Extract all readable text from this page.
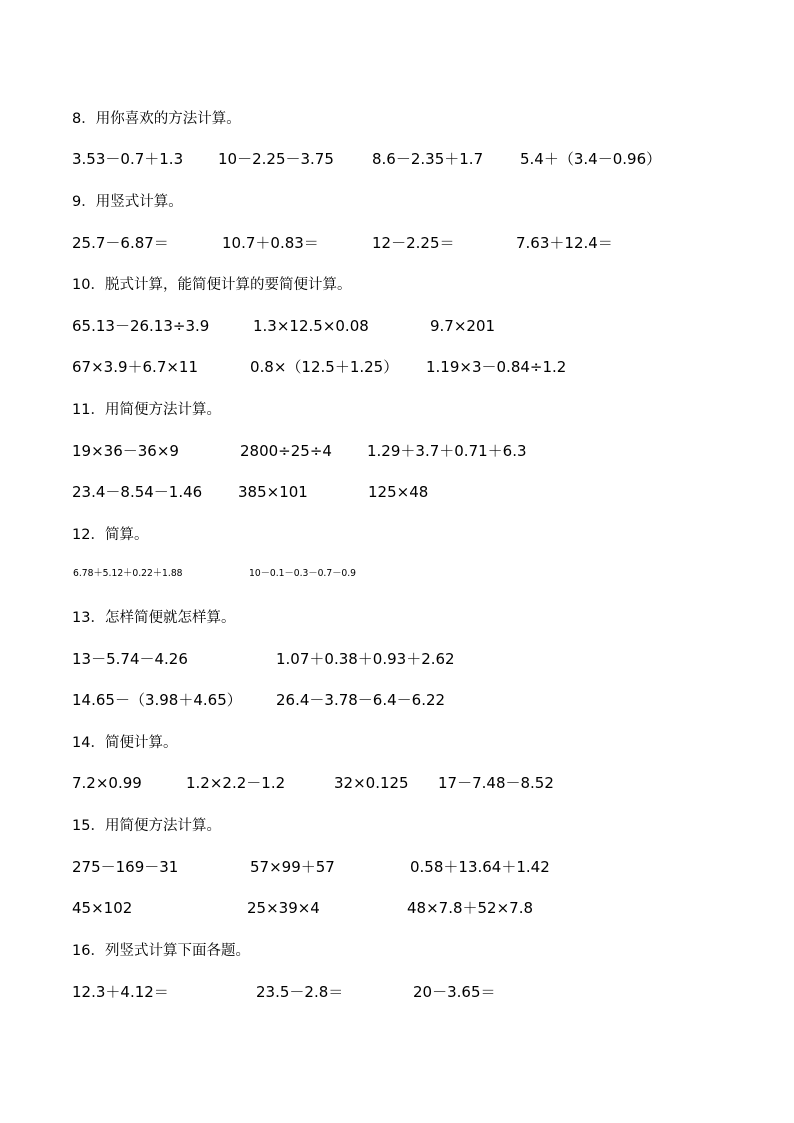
8．用你喜欢的方法计算。
3.53－0.7＋1.3 10－2.25－3.75	8.6－2.35＋1.7 5.4＋（3.4－0.96）
9．用竖式计算。
25.7－6.87＝	10.7＋0.83＝	12－2.25＝	7.63＋12.4＝
10．脱式计算，能简便计算的要简便计算。
65.13－26.13÷3.9	1.3×12.5×0.08	9.7×201
67×3.9＋6.7×11	0.8×（12.5＋1.25） 1.19×3－0.84÷1.2
11．用简便方法计算。
19×36－36×9	2800÷25÷4 1.29＋3.7＋0.71＋6.3
23.4－8.54－1.46 385×101	125×48
12．简算。
6.78＋5.12＋0.22＋1.88	10－0.1－0.3－0.7－0.9
13．怎样简便就怎样算。
13－5.74－4.26	1.07＋0.38＋0.93＋2.62
14.65－（3.98＋4.65） 26.4－3.78－6.4－6.22
14．简便计算。
7.2×0.99	1.2×2.2－1.2	32×0.125 17－7.48－8.52
15．用简便方法计算。
275－169－31	57×99＋57	0.58＋13.64＋1.42
45×102	25×39×4	48×7.8＋52×7.8
16．列竖式计算下面各题。
12.3＋4.12＝	23.5－2.8＝	20－3.65＝
